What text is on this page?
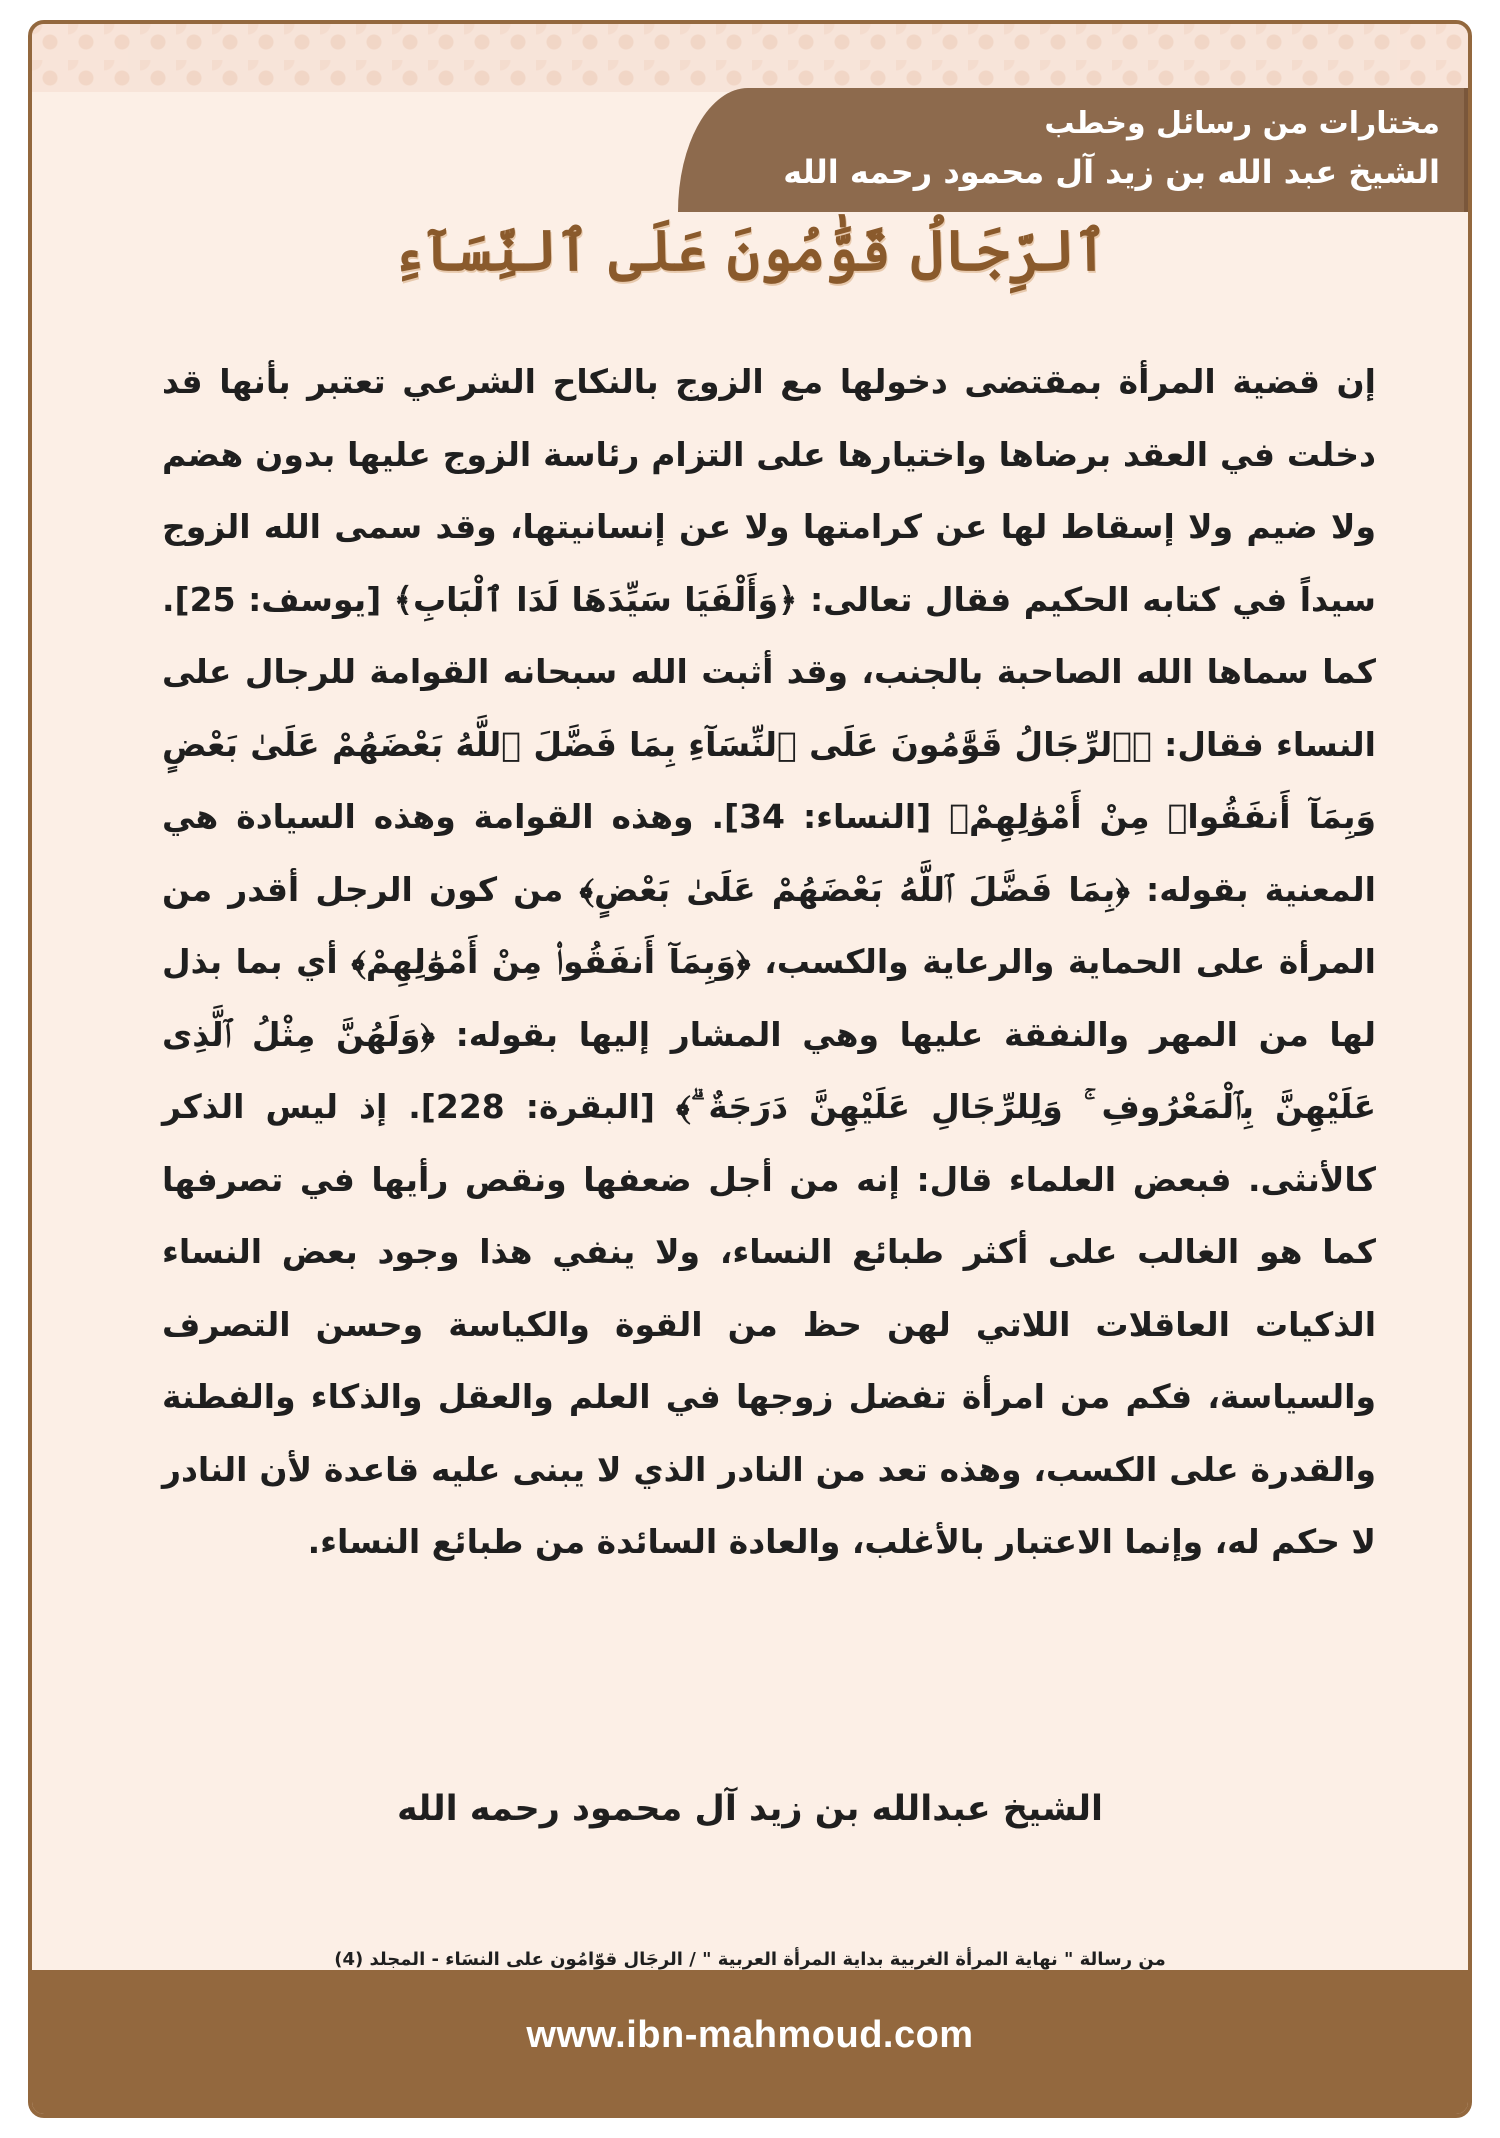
مختارات من رسائل وخطب
الشيخ عبد الله بن زيد آل محمود رحمه الله
ٱلرِّجَالُ قَوَّٰمُونَ عَلَى ٱلنِّسَآءِ
إن قضية المرأة بمقتضى دخولها مع الزوج بالنكاح الشرعي تعتبر بأنها قد دخلت في العقد برضاها واختيارها على التزام رئاسة الزوج عليها بدون هضم ولا ضيم ولا إسقاط لها عن كرامتها ولا عن إنسانيتها، وقد سمى الله الزوج سيداً في كتابه الحكيم فقال تعالى: ﴿وَأَلْفَيَا سَيِّدَهَا لَدَا ٱلْبَابِ﴾ [يوسف: 25]. كما سماها الله الصاحبة بالجنب، وقد أثبت الله سبحانه القوامة للرجال على النساء فقال: ﴿ٱلرِّجَالُ قَوَّٰمُونَ عَلَى ٱلنِّسَآءِ بِمَا فَضَّلَ ٱللَّهُ بَعْضَهُمْ عَلَىٰ بَعْضٍ وَبِمَآ أَنفَقُوا۟ مِنْ أَمْوَٰلِهِمْ﴾ [النساء: 34]. وهذه القوامة وهذه السيادة هي المعنية بقوله: ﴿بِمَا فَضَّلَ ٱللَّهُ بَعْضَهُمْ عَلَىٰ بَعْضٍ﴾ من كون الرجل أقدر من المرأة على الحماية والرعاية والكسب، ﴿وَبِمَآ أَنفَقُوا۟ مِنْ أَمْوَٰلِهِمْ﴾ أي بما بذل لها من المهر والنفقة عليها وهي المشار إليها بقوله: ﴿وَلَهُنَّ مِثْلُ ٱلَّذِى عَلَيْهِنَّ بِٱلْمَعْرُوفِ ۚ وَلِلرِّجَالِ عَلَيْهِنَّ دَرَجَةٌ ۗ﴾ [البقرة: 228]. إذ ليس الذكر كالأنثى. فبعض العلماء قال: إنه من أجل ضعفها ونقص رأيها في تصرفها كما هو الغالب على أكثر طبائع النساء، ولا ينفي هذا وجود بعض النساء الذكيات العاقلات اللاتي لهن حظ من القوة والكياسة وحسن التصرف والسياسة، فكم من امرأة تفضل زوجها في العلم والعقل والذكاء والفطنة والقدرة على الكسب، وهذه تعد من النادر الذي لا يبنى عليه قاعدة لأن النادر لا حكم له، وإنما الاعتبار بالأغلب، والعادة السائدة من طبائع النساء.
الشيخ عبدالله بن زيد آل محمود رحمه الله
من رسالة " نهاية المرأة الغربية بداية المرأة العربية " / الرجَال قوّامُون على النسَاء - المجلد (4)
www.ibn-mahmoud.com
